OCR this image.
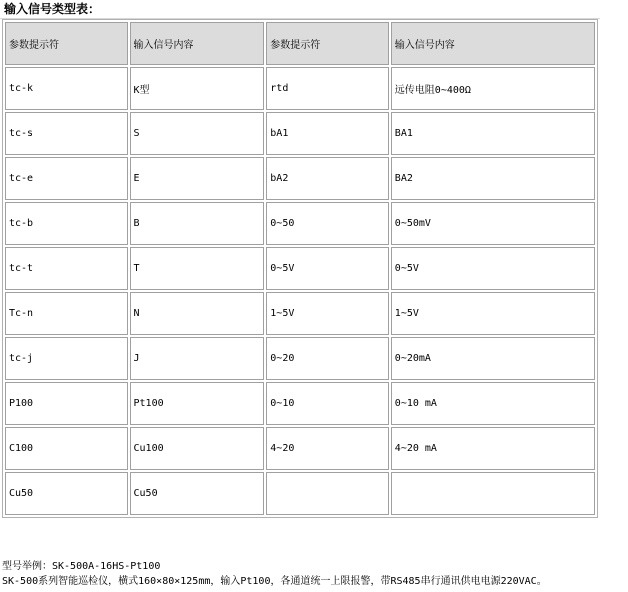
输入信号类型表：
参数提示符	输入信号内容	参数提示符	输入信号内容
tc-k	K型	rtd	远传电阻0~400Ω
tc-s	S	bA1	BA1
tc-e	E	bA2	BA2
tc-b	B	0~50	0~50mV
tc-t	T	0~5V	0~5V
Tc-n	N	1~5V	1~5V
tc-j	J	0~20	0~20mA
P100	Pt100	0~10	0~10 mA
C100	Cu100	4~20	4~20 mA
Cu50	Cu50		
型号举例：SK-500A-16HS-Pt100
SK-500系列智能巡检仪，横式160×80×125mm，输入Pt100，各通道统一上限报警，带RS485串行通讯供电电源220VAC。
